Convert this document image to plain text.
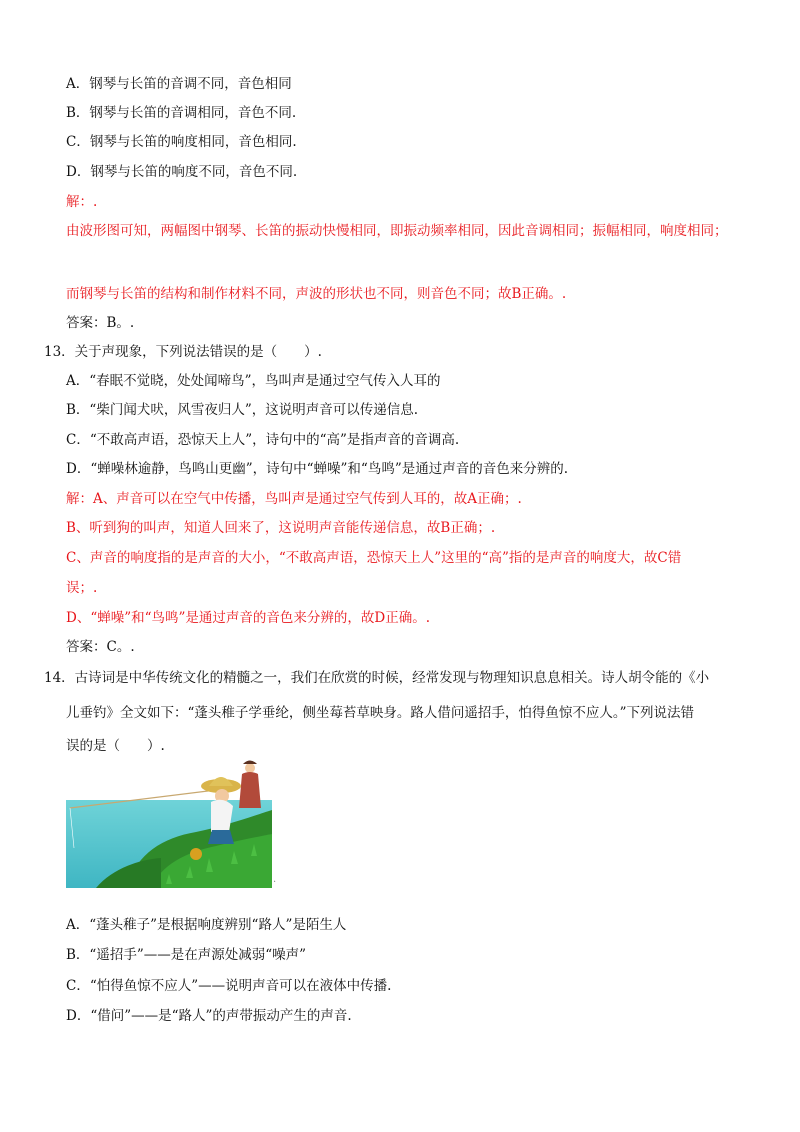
A．钢琴与长笛的音调不同，音色相同
B．钢琴与长笛的音调相同，音色不同.
C．钢琴与长笛的响度相同，音色相同.
D．钢琴与长笛的响度不同，音色不同.
解：.
由波形图可知，两幅图中钢琴、长笛的振动快慢相同，即振动频率相同，因此音调相同；振幅相同，响度相同；
而钢琴与长笛的结构和制作材料不同，声波的形状也不同，则音色不同；故B正确。.
答案：B。.
13．关于声现象，下列说法错误的是（　　）.
A．“春眠不觉晓，处处闻啼鸟”，鸟叫声是通过空气传入人耳的
B．“柴门闻犬吠，风雪夜归人”，这说明声音可以传递信息.
C．“不敢高声语，恐惊天上人”，诗句中的“高”是指声音的音调高.
D．“蝉噪林逾静，鸟鸣山更幽”，诗句中“蝉噪”和“鸟鸣”是通过声音的音色来分辨的.
解：A、声音可以在空气中传播，鸟叫声是通过空气传到人耳的，故A正确；.
B、听到狗的叫声，知道人回来了，这说明声音能传递信息，故B正确；.
C、声音的响度指的是声音的大小，“不敢高声语，恐惊天上人”这里的“高”指的是声音的响度大，故C错
误；.
D、“蝉噪”和“鸟鸣”是通过声音的音色来分辨的，故D正确。.
答案：C。.
14．古诗词是中华传统文化的精髓之一，我们在欣赏的时候，经常发现与物理知识息息相关。诗人胡令能的《小
儿垂钓》全文如下：“蓬头稚子学垂纶，侧坐莓苔草映身。路人借问遥招手，怕得鱼惊不应人。”下列说法错
误的是（　　）.
.
A．“蓬头稚子”是根据响度辨别“路人”是陌生人
B．“遥招手”——是在声源处减弱“噪声”
C．“怕得鱼惊不应人”——说明声音可以在液体中传播.
D．“借问”——是“路人”的声带振动产生的声音.
